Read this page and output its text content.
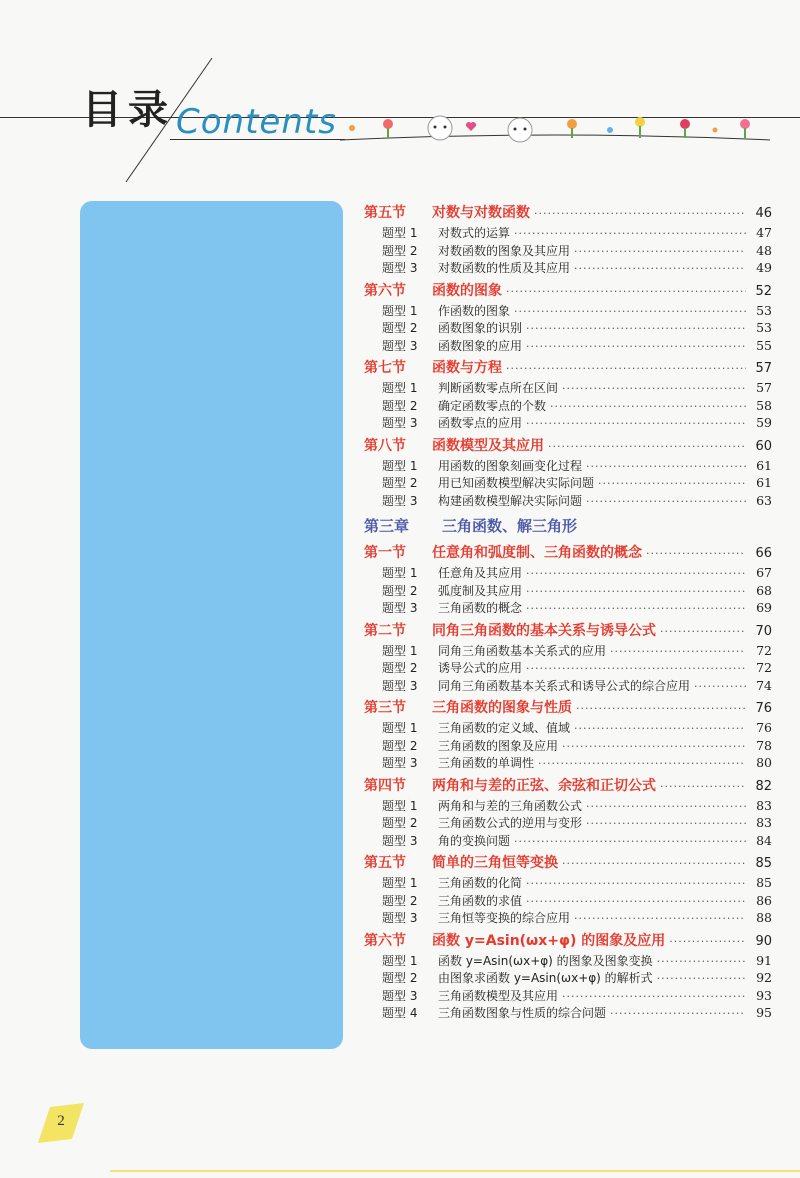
目录 Contents
第五节	对数与对数函数 ·····	46
题型 1	对数式的运算 ·····	47
题型 2	对数函数的图象及其应用 ·····	48
题型 3	对数函数的性质及其应用 ·····	49
第六节	函数的图象 ·····	52
题型 1	作函数的图象 ·····	53
题型 2	函数图象的识别 ·····	53
题型 3	函数图象的应用 ·····	55
第七节	函数与方程 ·····	57
题型 1	判断函数零点所在区间 ·····	57
题型 2	确定函数零点的个数 ·····	58
题型 3	函数零点的应用 ·····	59
第八节	函数模型及其应用 ·····	60
题型 1	用函数的图象刻画变化过程 ·····	61
题型 2	用已知函数模型解决实际问题 ·····	61
题型 3	构建函数模型解决实际问题 ·····	63
第三章	三角函数、解三角形
第一节	任意角和弧度制、三角函数的概念 ·····	66
题型 1	任意角及其应用 ·····	67
题型 2	弧度制及其应用 ·····	68
题型 3	三角函数的概念 ·····	69
第二节	同角三角函数的基本关系与诱导公式 ·····	70
题型 1	同角三角函数基本关系式的应用 ·····	72
题型 2	诱导公式的应用 ·····	72
题型 3	同角三角函数基本关系式和诱导公式的综合应用 ·····	74
第三节	三角函数的图象与性质 ·····	76
题型 1	三角函数的定义域、值域 ·····	76
题型 2	三角函数的图象及应用 ·····	78
题型 3	三角函数的单调性 ·····	80
第四节	两角和与差的正弦、余弦和正切公式 ·····	82
题型 1	两角和与差的三角函数公式 ·····	83
题型 2	三角函数公式的逆用与变形 ·····	83
题型 3	角的变换问题 ·····	84
第五节	简单的三角恒等变换 ·····	85
题型 1	三角函数的化简 ·····	85
题型 2	三角函数的求值 ·····	86
题型 3	三角恒等变换的综合应用 ·····	88
第六节	函数 y=Asin(ωx+φ) 的图象及应用 ·····	90
题型 1	函数 y=Asin(ωx+φ) 的图象及图象变换 ·····	91
题型 2	由图象求函数 y=Asin(ωx+φ) 的解析式 ·····	92
题型 3	三角函数模型及其应用 ·····	93
题型 4	三角函数图象与性质的综合问题 ·····	95
2
